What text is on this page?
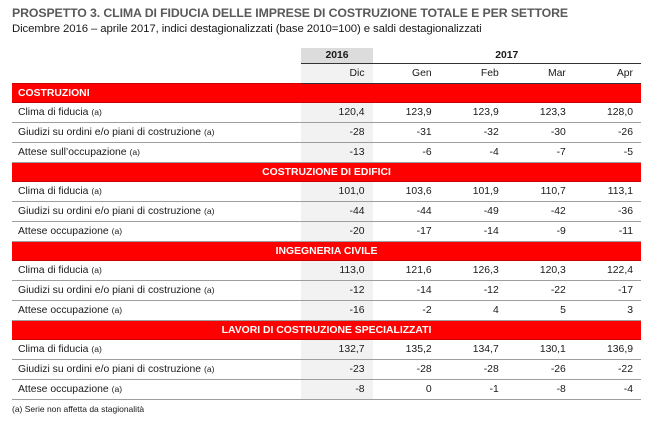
PROSPETTO 3. CLIMA DI FIDUCIA DELLE IMPRESE DI COSTRUZIONE TOTALE E PER SETTORE
Dicembre 2016 – aprile 2017, indici destagionalizzati (base 2010=100) e saldi destagionalizzati
	2016	2017			
	Dic	Gen	Feb	Mar	Apr
COSTRUZIONI					
Clima di fiducia (a)	120,4	123,9	123,9	123,3	128,0
Giudizi su ordini e/o piani di costruzione (a)	-28	-31	-32	-30	-26
Attese sull’occupazione (a)	-13	-6	-4	-7	-5
COSTRUZIONE DI EDIFICI					
Clima di fiducia (a)	101,0	103,6	101,9	110,7	113,1
Giudizi su ordini e/o piani di costruzione (a)	-44	-44	-49	-42	-36
Attese occupazione (a)	-20	-17	-14	-9	-11
INGEGNERIA CIVILE					
Clima di fiducia (a)	113,0	121,6	126,3	120,3	122,4
Giudizi su ordini e/o piani di costruzione (a)	-12	-14	-12	-22	-17
Attese occupazione (a)	-16	-2	4	5	3
LAVORI DI COSTRUZIONE SPECIALIZZATI					
Clima di fiducia (a)	132,7	135,2	134,7	130,1	136,9
Giudizi su ordini e/o piani di costruzione (a)	-23	-28	-28	-26	-22
Attese occupazione (a)	-8	0	-1	-8	-4
(a) Serie non affetta da stagionalità					
